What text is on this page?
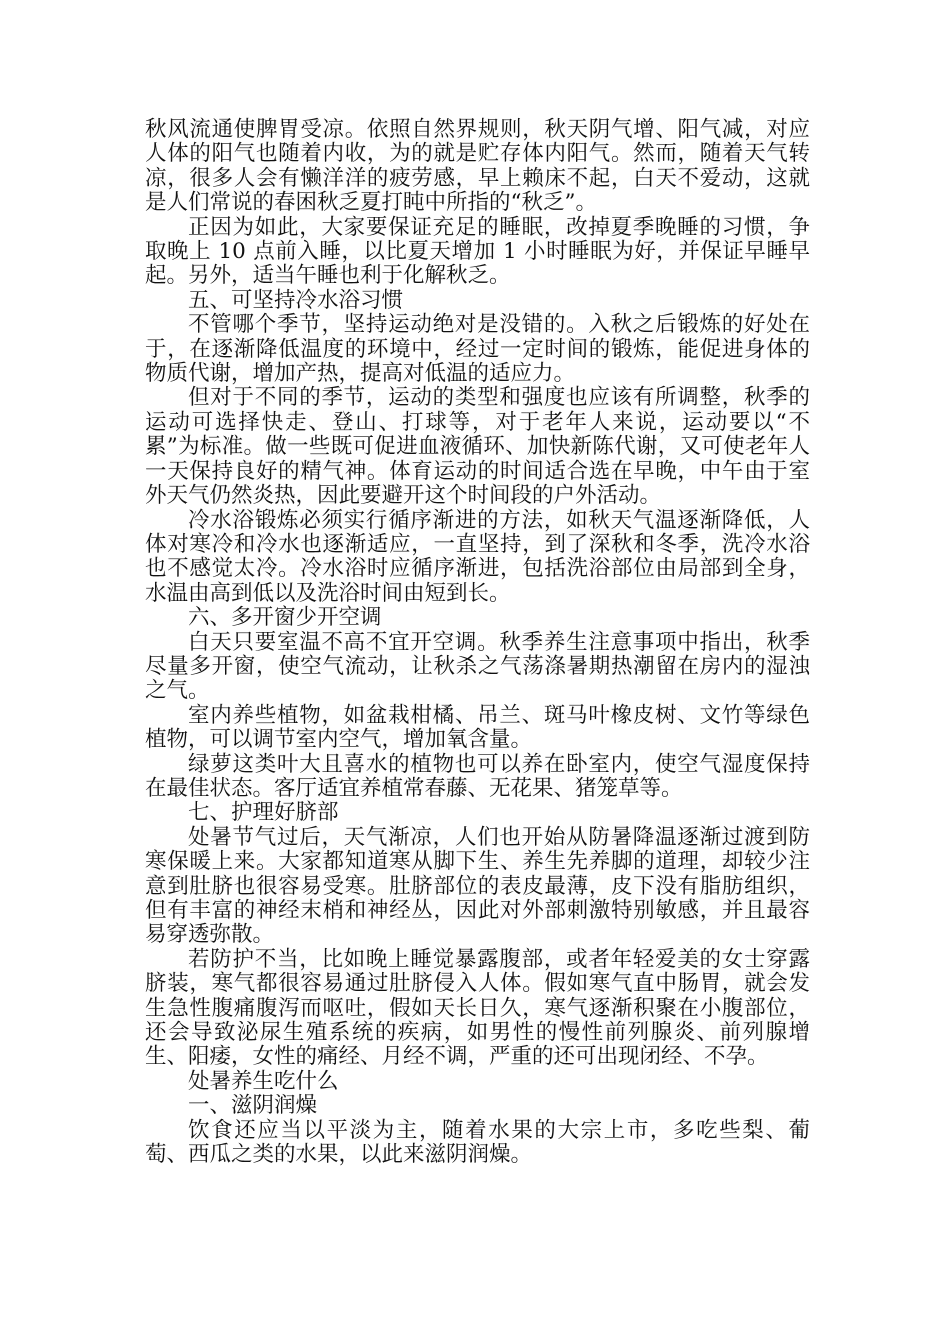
秋风流通使脾胃受凉。依照自然界规则，秋天阴气增、阳气减，对应人体的阳气也随着内收，为的就是贮存体内阳气。然而，随着天气转凉，很多人会有懒洋洋的疲劳感，早上赖床不起，白天不爱动，这就是人们常说的春困秋乏夏打盹中所指的“秋乏”。

正因为如此，大家要保证充足的睡眠，改掉夏季晚睡的习惯，争取晚上 10 点前入睡，以比夏天增加 1 小时睡眠为好，并保证早睡早起。另外，适当午睡也利于化解秋乏。

五、可坚持冷水浴习惯

不管哪个季节，坚持运动绝对是没错的。入秋之后锻炼的好处在于，在逐渐降低温度的环境中，经过一定时间的锻炼，能促进身体的物质代谢，增加产热，提高对低温的适应力。

但对于不同的季节，运动的类型和强度也应该有所调整，秋季的运动可选择快走、登山、打球等，对于老年人来说，运动要以“不累”为标准。做一些既可促进血液循环、加快新陈代谢，又可使老年人一天保持良好的精气神。体育运动的时间适合选在早晚，中午由于室外天气仍然炎热，因此要避开这个时间段的户外活动。

冷水浴锻炼必须实行循序渐进的方法，如秋天气温逐渐降低，人体对寒冷和冷水也逐渐适应，一直坚持，到了深秋和冬季，洗冷水浴也不感觉太冷。冷水浴时应循序渐进，包括洗浴部位由局部到全身，水温由高到低以及洗浴时间由短到长。

六、多开窗少开空调

白天只要室温不高不宜开空调。秋季养生注意事项中指出，秋季尽量多开窗，使空气流动，让秋杀之气荡涤暑期热潮留在房内的湿浊之气。

室内养些植物，如盆栽柑橘、吊兰、斑马叶橡皮树、文竹等绿色植物，可以调节室内空气，增加氧含量。

绿萝这类叶大且喜水的植物也可以养在卧室内，使空气湿度保持在最佳状态。客厅适宜养植常春藤、无花果、猪笼草等。

七、护理好脐部

处暑节气过后，天气渐凉，人们也开始从防暑降温逐渐过渡到防寒保暖上来。大家都知道寒从脚下生、养生先养脚的道理，却较少注意到肚脐也很容易受寒。肚脐部位的表皮最薄，皮下没有脂肪组织，但有丰富的神经末梢和神经丛，因此对外部刺激特别敏感，并且最容易穿透弥散。

若防护不当，比如晚上睡觉暴露腹部，或者年轻爱美的女士穿露脐装，寒气都很容易通过肚脐侵入人体。假如寒气直中肠胃，就会发生急性腹痛腹泻而呕吐，假如天长日久，寒气逐渐积聚在小腹部位，还会导致泌尿生殖系统的疾病，如男性的慢性前列腺炎、前列腺增生、阳痿，女性的痛经、月经不调，严重的还可出现闭经、不孕。

处暑养生吃什么

一、滋阴润燥

饮食还应当以平淡为主，随着水果的大宗上市，多吃些梨、葡萄、西瓜之类的水果，以此来滋阴润燥。
